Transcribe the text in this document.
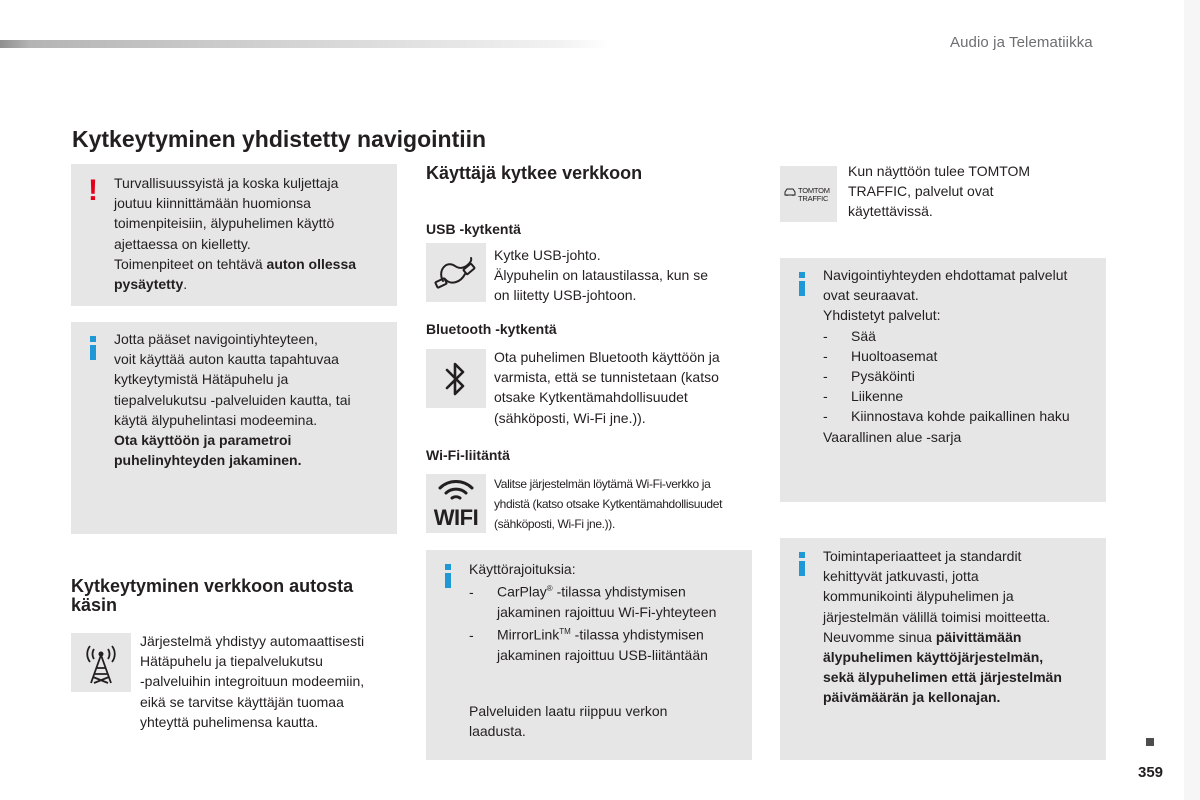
Audio ja Telematiikka
Kytkeytyminen yhdistetty navigointiin
! Turvallisuussyistä ja koska kuljettaja
joutuu kiinnittämään huomionsa
toimenpiteisiin, älypuhelimen käyttö
ajettaessa on kielletty.
Toimenpiteet on tehtävä auton ollessa
pysäytetty.
Jotta pääset navigointiyhteyteen,
voit käyttää auton kautta tapahtuvaa
kytkeytymistä Hätäpuhelu ja
tiepalvelukutsu -palveluiden kautta, tai
käytä älypuhelintasi modeemina.
Ota käyttöön ja parametroi
puhelinyhteyden jakaminen.
Kytkeytyminen verkkoon autosta
käsin
Järjestelmä yhdistyy automaattisesti
Hätäpuhelu ja tiepalvelukutsu
-palveluihin integroituun modeemiin,
eikä se tarvitse käyttäjän tuomaa
yhteyttä puhelimensa kautta.
Käyttäjä kytkee verkkoon
USB -kytkentä
Kytke USB-johto.
Älypuhelin on lataustilassa, kun se
on liitetty USB-johtoon.
Bluetooth -kytkentä
Ota puhelimen Bluetooth käyttöön ja
varmista, että se tunnistetaan (katso
otsake Kytkentämahdollisuudet
(sähköposti, Wi-Fi jne.)).
Wi-Fi-liitäntä
WIFI
Valitse järjestelmän löytämä Wi-Fi-verkko ja
yhdistä (katso otsake Kytkentämahdollisuudet
(sähköposti, Wi-Fi jne.)).
Käyttörajoituksia:
- CarPlay® -tilassa yhdistymisen
jakaminen rajoittuu Wi-Fi-yhteyteen
- MirrorLink™ -tilassa yhdistymisen
jakaminen rajoittuu USB-liitäntään
Palveluiden laatu riippuu verkon
laadusta.
TOMTOM
TRAFFIC
Kun näyttöön tulee TOMTOM
TRAFFIC, palvelut ovat
käytettävissä.
Navigointiyhteyden ehdottamat palvelut
ovat seuraavat.
Yhdistetyt palvelut:
- Sää
- Huoltoasemat
- Pysäköinti
- Liikenne
- Kiinnostava kohde paikallinen haku
Vaarallinen alue -sarja
Toimintaperiaatteet ja standardit
kehittyvät jatkuvasti, jotta
kommunikointi älypuhelimen ja
järjestelmän välillä toimisi moitteetta.
Neuvomme sinua päivittämään
älypuhelimen käyttöjärjestelmän,
sekä älypuhelimen että järjestelmän
päivämäärän ja kellonajan.
359
